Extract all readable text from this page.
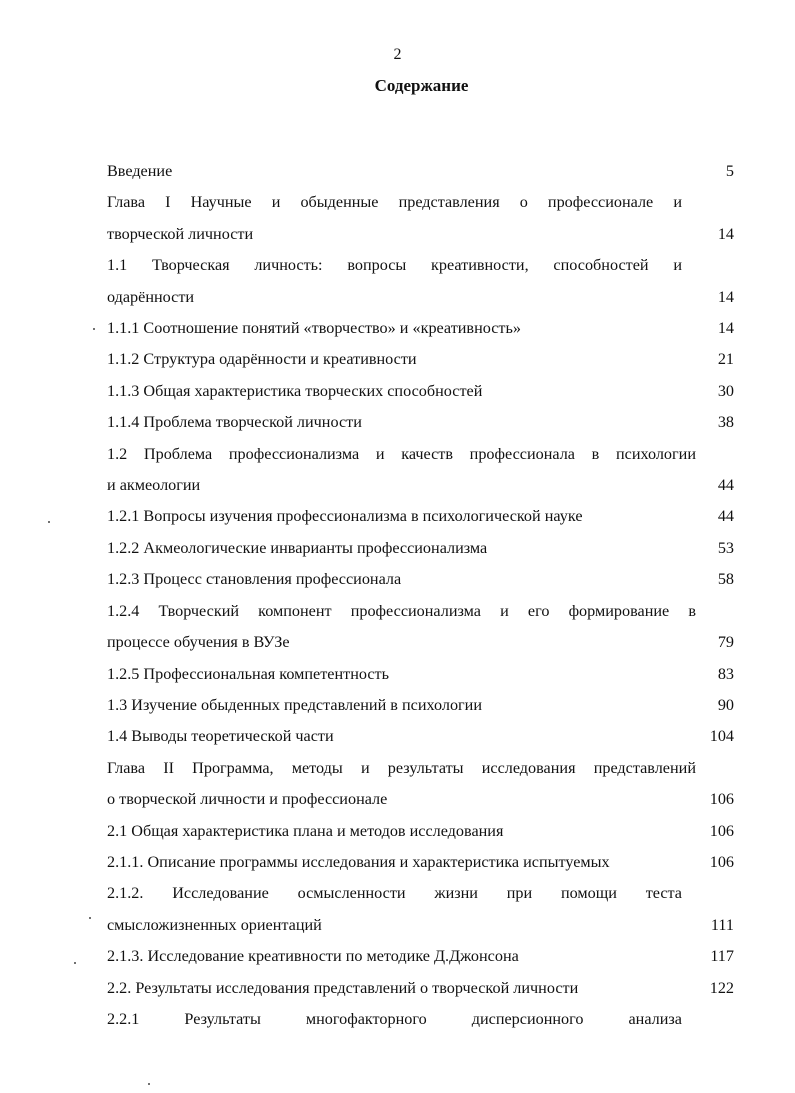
2
Содержание
Введение	5
Глава I Научные и обыденные представления о профессионале и
творческой личности	14
1.1 Творческая личность: вопросы креативности, способностей и
одарённости	14
1.1.1 Соотношение понятий «творчество» и «креативность»	14
1.1.2 Структура одарённости и креативности	21
1.1.3 Общая характеристика творческих способностей	30
1.1.4 Проблема творческой личности	38
1.2 Проблема профессионализма и качеств профессионала в психологии
и акмеологии	44
1.2.1 Вопросы изучения профессионализма в психологической науке	44
1.2.2 Акмеологические инварианты профессионализма	53
1.2.3 Процесс становления профессионала	58
1.2.4 Творческий компонент профессионализма и его формирование в
процессе обучения в ВУЗе	79
1.2.5 Профессиональная компетентность	83
1.3 Изучение обыденных представлений в психологии	90
1.4 Выводы теоретической части	104
Глава II Программа, методы и результаты исследования представлений
о творческой личности и профессионале	106
2.1 Общая характеристика плана и методов исследования	106
2.1.1. Описание программы исследования и характеристика испытуемых	106
2.1.2. Исследование осмысленности жизни при помощи теста
смысложизненных ориентаций	111
2.1.3. Исследование креативности по методике Д.Джонсона	117
2.2. Результаты исследования представлений о творческой личности	122
2.2.1 Результаты многофакторного дисперсионного анализа
